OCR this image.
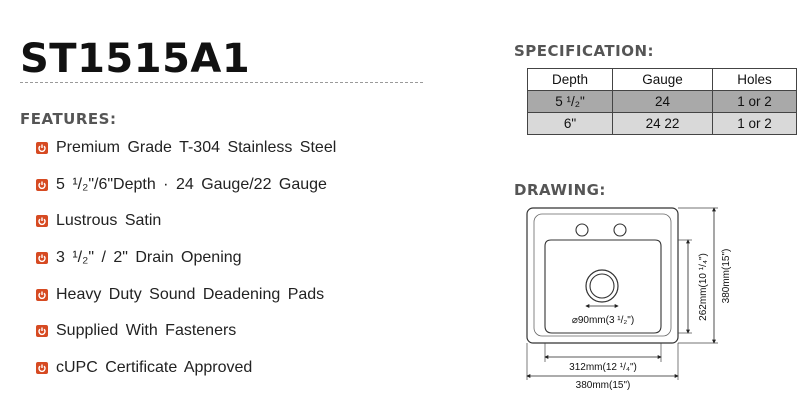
ST1515A1
FEATURES:
Premium Grade T-304 Stainless Steel
5 ¹/₂"/6"Depth · 24 Gauge/22 Gauge
Lustrous Satin
3 ¹/₂" / 2" Drain Opening
Heavy Duty Sound Deadening Pads
Supplied With Fasteners
cUPC Certificate Approved
SPECIFICATION:
Depth	Gauge	Holes
5 ¹/₂"	24	1 or 2
6"	24 22	1 or 2
DRAWING:
⌀90mm(3 ¹/₂")
312mm(12 ¹/₄")
380mm(15")
262mm(10 ¹/₄") 380mm(15")
